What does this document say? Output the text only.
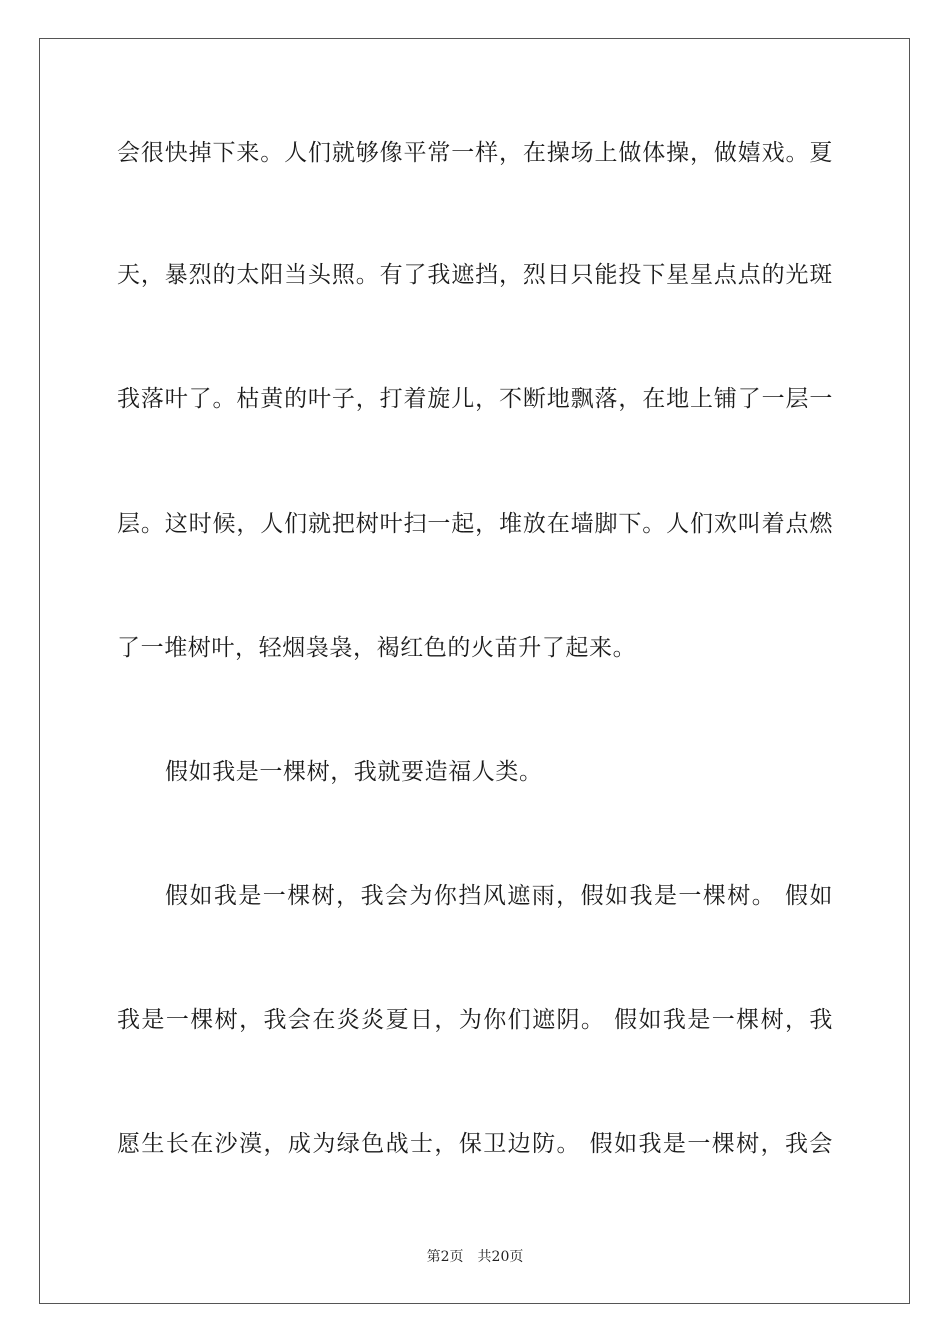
会很快掉下来。人们就够像平常一样，在操场上做体操，做嬉戏。夏
天，暴烈的太阳当头照。有了我遮挡，烈日只能投下星星点点的光斑
我落叶了。枯黄的叶子，打着旋儿，不断地飘落，在地上铺了一层一
层。这时候，人们就把树叶扫一起，堆放在墙脚下。人们欢叫着点燃
了一堆树叶，轻烟袅袅，褐红色的火苗升了起来。
假如我是一棵树，我就要造福人类。
假如我是一棵树，我会为你挡风遮雨，假如我是一棵树。 假如
我是一棵树，我会在炎炎夏日，为你们遮阴。 假如我是一棵树，我
愿生长在沙漠，成为绿色战士，保卫边防。 假如我是一棵树，我会
第2页 共20页
